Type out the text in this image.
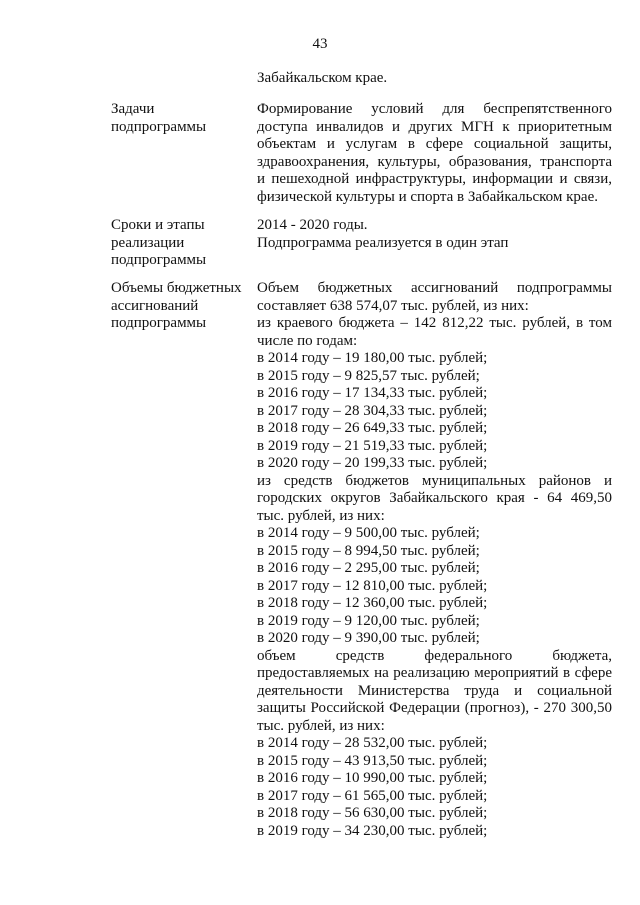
43
Забайкальском крае.
Задачи
подпрограммы
Формирование условий для беспрепятственного
доступа инвалидов и других МГН к приоритетным
объектам и услугам в сфере социальной защиты,
здравоохранения, культуры, образования, транспорта
и пешеходной инфраструктуры, информации и связи,
физической культуры и спорта в Забайкальском крае.
Сроки и этапы
реализации
подпрограммы
2014 - 2020 годы.
Подпрограмма реализуется в один этап
Объемы бюджетных
ассигнований
подпрограммы
Объем бюджетных ассигнований подпрограммы
составляет 638 574,07 тыс. рублей, из них:
из краевого бюджета – 142 812,22 тыс. рублей, в том
числе по годам:
в 2014 году – 19 180,00 тыс. рублей;
в 2015 году – 9 825,57 тыс. рублей;
в 2016 году – 17 134,33 тыс. рублей;
в 2017 году – 28 304,33 тыс. рублей;
в 2018 году – 26 649,33 тыс. рублей;
в 2019 году – 21 519,33 тыс. рублей;
в 2020 году – 20 199,33 тыс. рублей;
из средств бюджетов муниципальных районов и
городских округов Забайкальского края - 64 469,50
тыс. рублей, из них:
в 2014 году – 9 500,00 тыс. рублей;
в 2015 году – 8 994,50 тыс. рублей;
в 2016 году – 2 295,00 тыс. рублей;
в 2017 году – 12 810,00 тыс. рублей;
в 2018 году – 12 360,00 тыс. рублей;
в 2019 году – 9 120,00 тыс. рублей;
в 2020 году – 9 390,00 тыс. рублей;
объем средств федерального бюджета,
предоставляемых на реализацию мероприятий в сфере
деятельности Министерства труда и социальной
защиты Российской Федерации (прогноз), - 270 300,50
тыс. рублей, из них:
в 2014 году – 28 532,00 тыс. рублей;
в 2015 году – 43 913,50 тыс. рублей;
в 2016 году – 10 990,00 тыс. рублей;
в 2017 году – 61 565,00 тыс. рублей;
в 2018 году – 56 630,00 тыс. рублей;
в 2019 году – 34 230,00 тыс. рублей;
